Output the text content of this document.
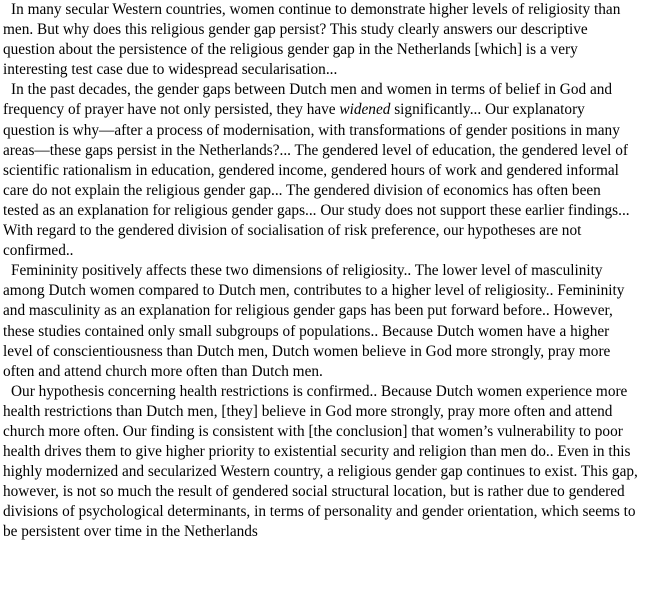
In many secular Western countries, women continue to demonstrate higher levels of religiosity than men. But why does this religious gender gap persist? This study clearly answers our descriptive question about the persistence of the religious gender gap in the Netherlands [which] is a very interesting test case due to widespread secularisation...

In the past decades, the gender gaps between Dutch men and women in terms of belief in God and frequency of prayer have not only persisted, they have widened significantly... Our explanatory question is why—after a process of modernisation, with transformations of gender positions in many areas—these gaps persist in the Netherlands?... The gendered level of education, the gendered level of scientific rationalism in education, gendered income, gendered hours of work and gendered informal care do not explain the religious gender gap... The gendered division of economics has often been tested as an explanation for religious gender gaps... Our study does not support these earlier findings... With regard to the gendered division of socialisation of risk preference, our hypotheses are not confirmed..

Femininity positively affects these two dimensions of religiosity.. The lower level of masculinity among Dutch women compared to Dutch men, contributes to a higher level of religiosity.. Femininity and masculinity as an explanation for religious gender gaps has been put forward before.. However, these studies contained only small subgroups of populations.. Because Dutch women have a higher level of conscientiousness than Dutch men, Dutch women believe in God more strongly, pray more often and attend church more often than Dutch men.

Our hypothesis concerning health restrictions is confirmed.. Because Dutch women experience more health restrictions than Dutch men, [they] believe in God more strongly, pray more often and attend church more often. Our finding is consistent with [the conclusion] that women’s vulnerability to poor health drives them to give higher priority to existential security and religion than men do.. Even in this highly modernized and secularized Western country, a religious gender gap continues to exist. This gap, however, is not so much the result of gendered social structural location, but is rather due to gendered divisions of psychological determinants, in terms of personality and gender orientation, which seems to be persistent over time in the Netherlands
